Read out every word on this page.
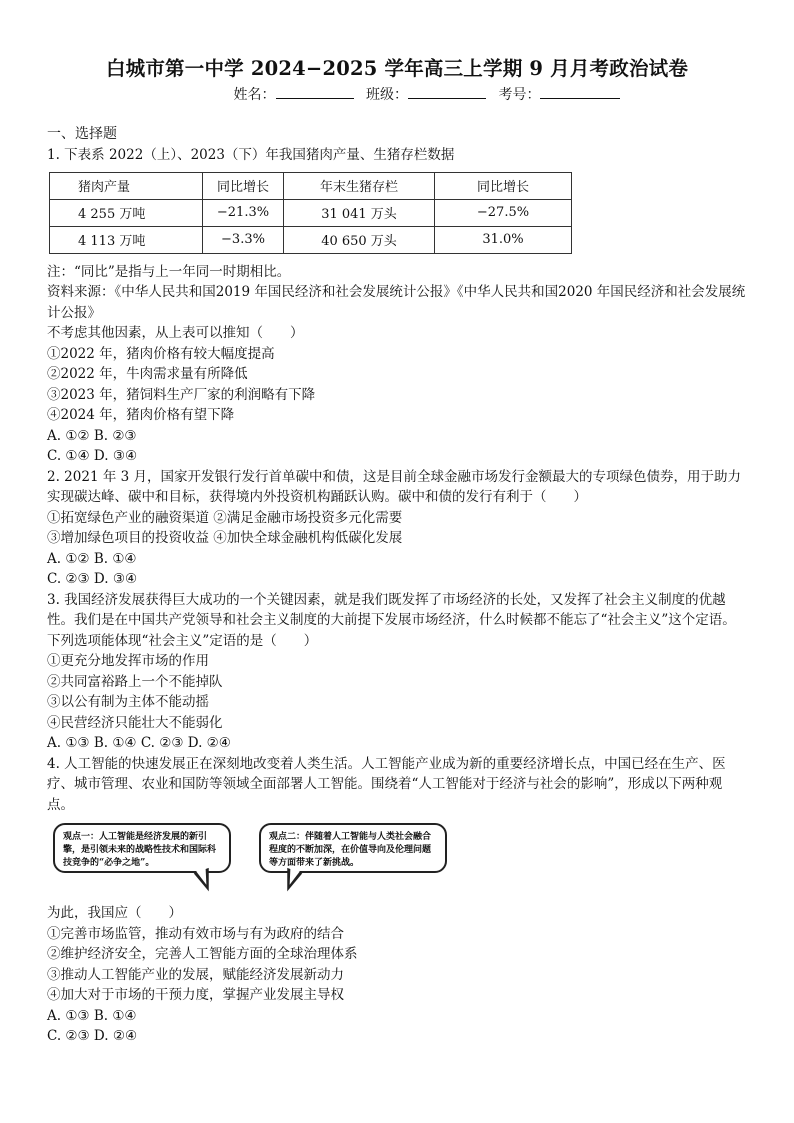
白城市第一中学 2024−2025 学年高三上学期 9 月月考政治试卷
姓名：	班级：	考号：
一、选择题

1. 下表系 2022（上）、2023（下）年我国猪肉产量、生猪存栏数据

猪肉产量	同比增长	年末生猪存栏	同比增长
4 255 万吨	−21.3%	31 041 万头	−27.5%
4 113 万吨	−3.3%	40 650 万头	31.0%

注：“同比”是指与上一年同一时期相比。

资料来源：《中华人民共和国2019 年国民经济和社会发展统计公报》《中华人民共和国2020 年国民经济和社会发展统计公报》

不考虑其他因素，从上表可以推知（　　）

①2022 年，猪肉价格有较大幅度提高

②2022 年，牛肉需求量有所降低

③2023 年，猪饲料生产厂家的利润略有下降

④2024 年，猪肉价格有望下降

A. ①② B. ②③

C. ①④ D. ③④

2. 2021 年 3 月，国家开发银行发行首单碳中和债，这是目前全球金融市场发行金额最大的专项绿色债券，用于助力实现碳达峰、碳中和目标，获得境内外投资机构踊跃认购。碳中和债的发行有利于（　　）

①拓宽绿色产业的融资渠道 ②满足金融市场投资多元化需要

③增加绿色项目的投资收益 ④加快全球金融机构低碳化发展

A. ①② B. ①④

C. ②③ D. ③④

3. 我国经济发展获得巨大成功的一个关键因素，就是我们既发挥了市场经济的长处，又发挥了社会主义制度的优越性。我们是在中国共产党领导和社会主义制度的大前提下发展市场经济，什么时候都不能忘了“社会主义”这个定语。下列选项能体现“社会主义”定语的是（　　）

①更充分地发挥市场的作用

②共同富裕路上一个不能掉队

③以公有制为主体不能动摇

④民营经济只能壮大不能弱化

A. ①③ B. ①④ C. ②③ D. ②④

4. 人工智能的快速发展正在深刻地改变着人类生活。人工智能产业成为新的重要经济增长点，中国已经在生产、医疗、城市管理、农业和国防等领域全面部署人工智能。围绕着“人工智能对于经济与社会的影响”，形成以下两种观点。

观点一：人工智能是经济发展的新引擎，是引领未来的战略性技术和国际科技竞争的“必争之地”。
观点二：伴随着人工智能与人类社会融合程度的不断加深，在价值导向及伦理问题等方面带来了新挑战。

为此，我国应（　　）

①完善市场监管，推动有效市场与有为政府的结合

②维护经济安全，完善人工智能方面的全球治理体系

③推动人工智能产业的发展，赋能经济发展新动力

④加大对于市场的干预力度，掌握产业发展主导权

A. ①③ B. ①④

C. ②③ D. ②④
